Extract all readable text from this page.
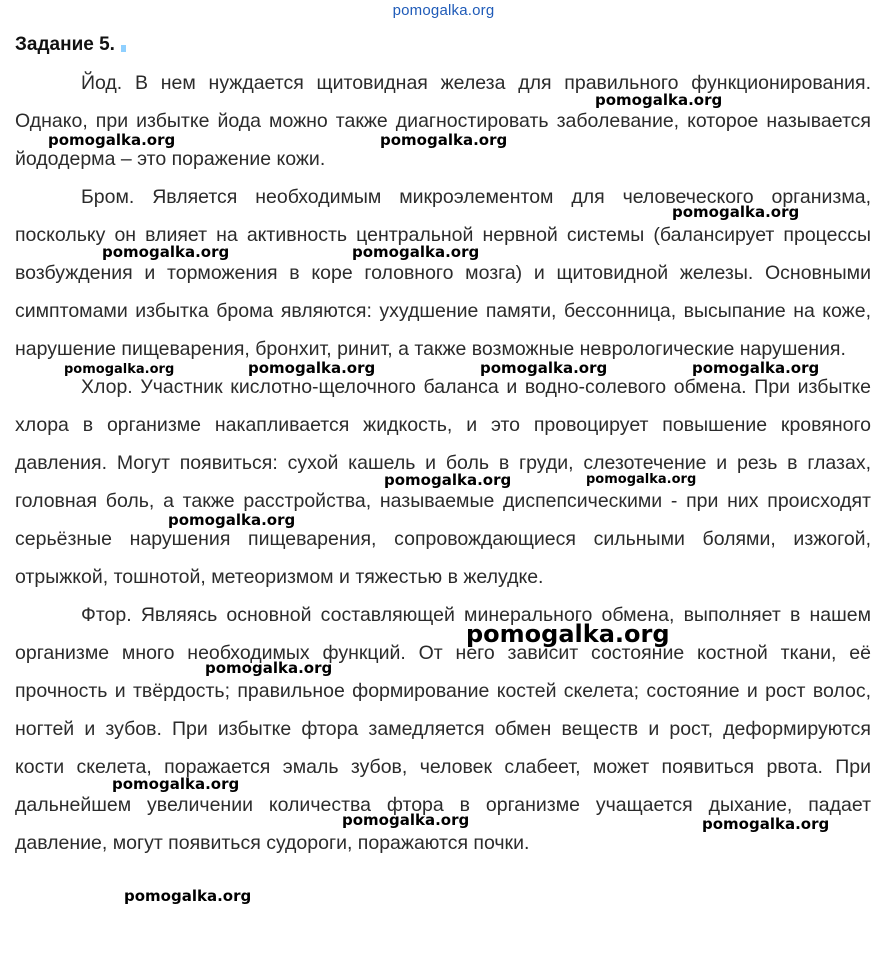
pomogalka.org
Задание 5.

Йод. В нем нуждается щитовидная железа для правильного функционирования. Однако, при избытке йода можно также диагностировать заболевание, которое называется йододерма – это поражение кожи.

Бром. Является необходимым микроэлементом для человеческого организма, поскольку он влияет на активность центральной нервной системы (балансирует процессы возбуждения и торможения в коре головного мозга) и щитовидной железы. Основными симптомами избытка брома являются: ухудшение памяти, бессонница, высыпание на коже, нарушение пищеварения, бронхит, ринит, а также возможные неврологические нарушения.

Хлор. Участник кислотно-щелочного баланса и водно-солевого обмена. При избытке хлора в организме накапливается жидкость, и это провоцирует повышение кровяного давления. Могут появиться: сухой кашель и боль в груди, слезотечение и резь в глазах, головная боль, а также расстройства, называемые диспепсическими - при них происходят серьёзные нарушения пищеварения, сопровождающиеся сильными болями, изжогой, отрыжкой, тошнотой, метеоризмом и тяжестью в желудке.

Фтор. Являясь основной составляющей минерального обмена, выполняет в нашем организме много необходимых функций. От него зависит состояние костной ткани, её прочность и твёрдость; правильное формирование костей скелета; состояние и рост волос, ногтей и зубов. При избытке фтора замедляется обмен веществ и рост, деформируются кости скелета, поражается эмаль зубов, человек слабеет, может появиться рвота. При дальнейшем увеличении количества фтора в организме учащается дыхание, падает давление, могут появиться судороги, поражаются почки.

pomogalka.org
pomogalka.org	pomogalka.org
pomogalka.org
pomogalka.org	pomogalka.org
pomogalka.org	pomogalka.org	pomogalka.org	pomogalka.org
pomogalka.org	pomogalka.org
pomogalka.org
pomogalka.org
pomogalka.org
pomogalka.org
pomogalka.org	pomogalka.org
pomogalka.org
